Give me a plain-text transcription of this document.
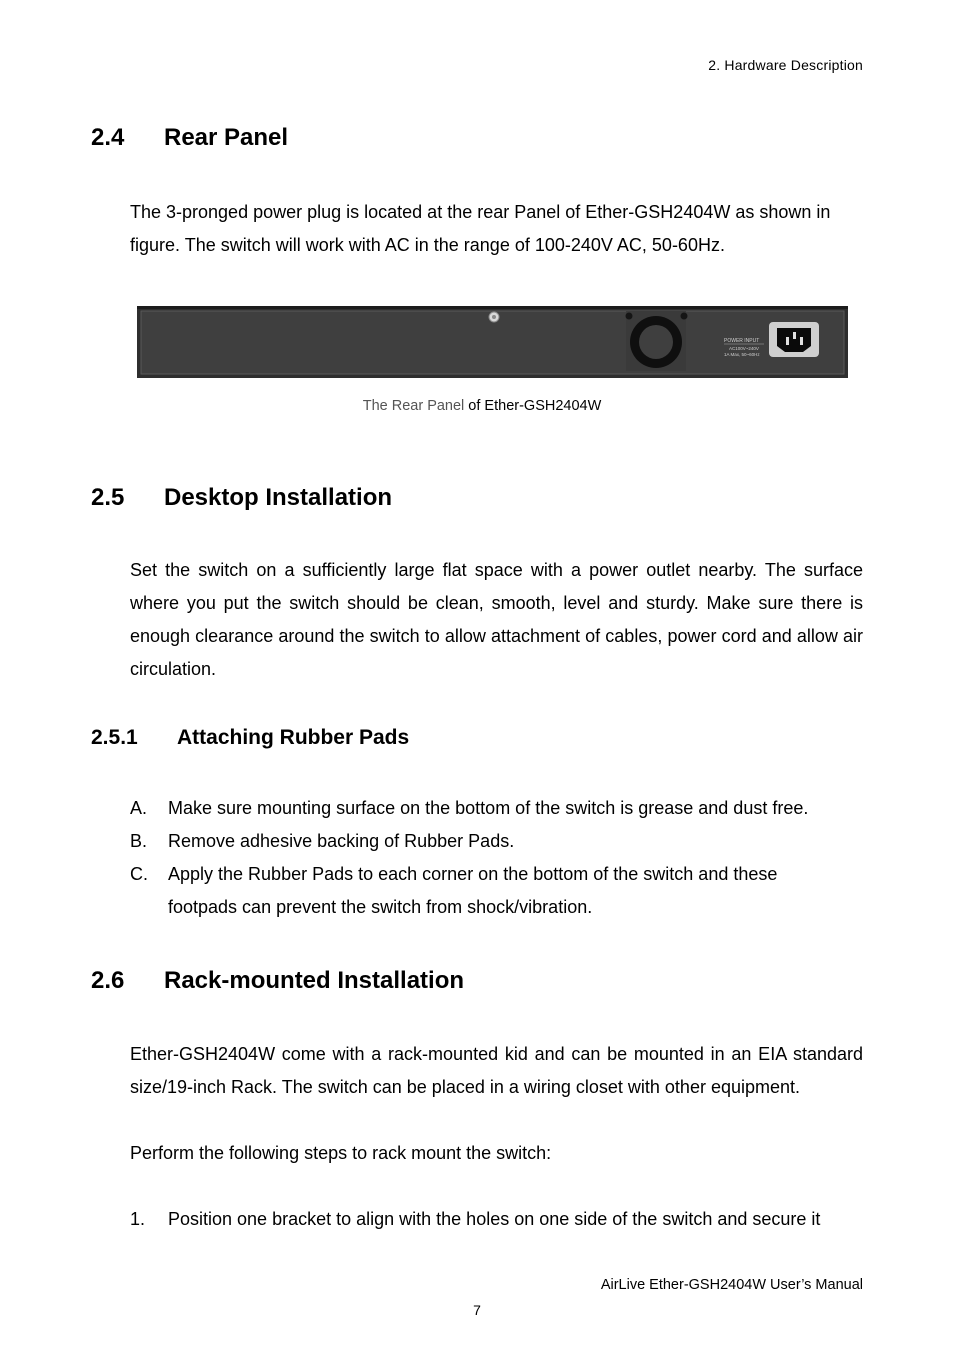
2. Hardware Description
2.4 Rear Panel
The 3-pronged power plug is located at the rear Panel of Ether-GSH2404W as shown in figure. The switch will work with AC in the range of 100-240V AC, 50-60Hz.
POWER INPUT
AC100V~240V
1A Max, 50~60Hz
The Rear Panel of Ether-GSH2404W
2.5 Desktop Installation
Set the switch on a sufficiently large flat space with a power outlet nearby. The surface where you put the switch should be clean, smooth, level and sturdy. Make sure there is enough clearance around the switch to allow attachment of cables, power cord and allow air circulation.
2.5.1 Attaching Rubber Pads
A. Make sure mounting surface on the bottom of the switch is grease and dust free.
B. Remove adhesive backing of Rubber Pads.
C. Apply the Rubber Pads to each corner on the bottom of the switch and these footpads can prevent the switch from shock/vibration.
2.6 Rack-mounted Installation
Ether-GSH2404W come with a rack-mounted kid and can be mounted in an EIA standard size/19-inch Rack. The switch can be placed in a wiring closet with other equipment.
Perform the following steps to rack mount the switch:
1. Position one bracket to align with the holes on one side of the switch and secure it
AirLive Ether-GSH2404W User’s Manual
7
